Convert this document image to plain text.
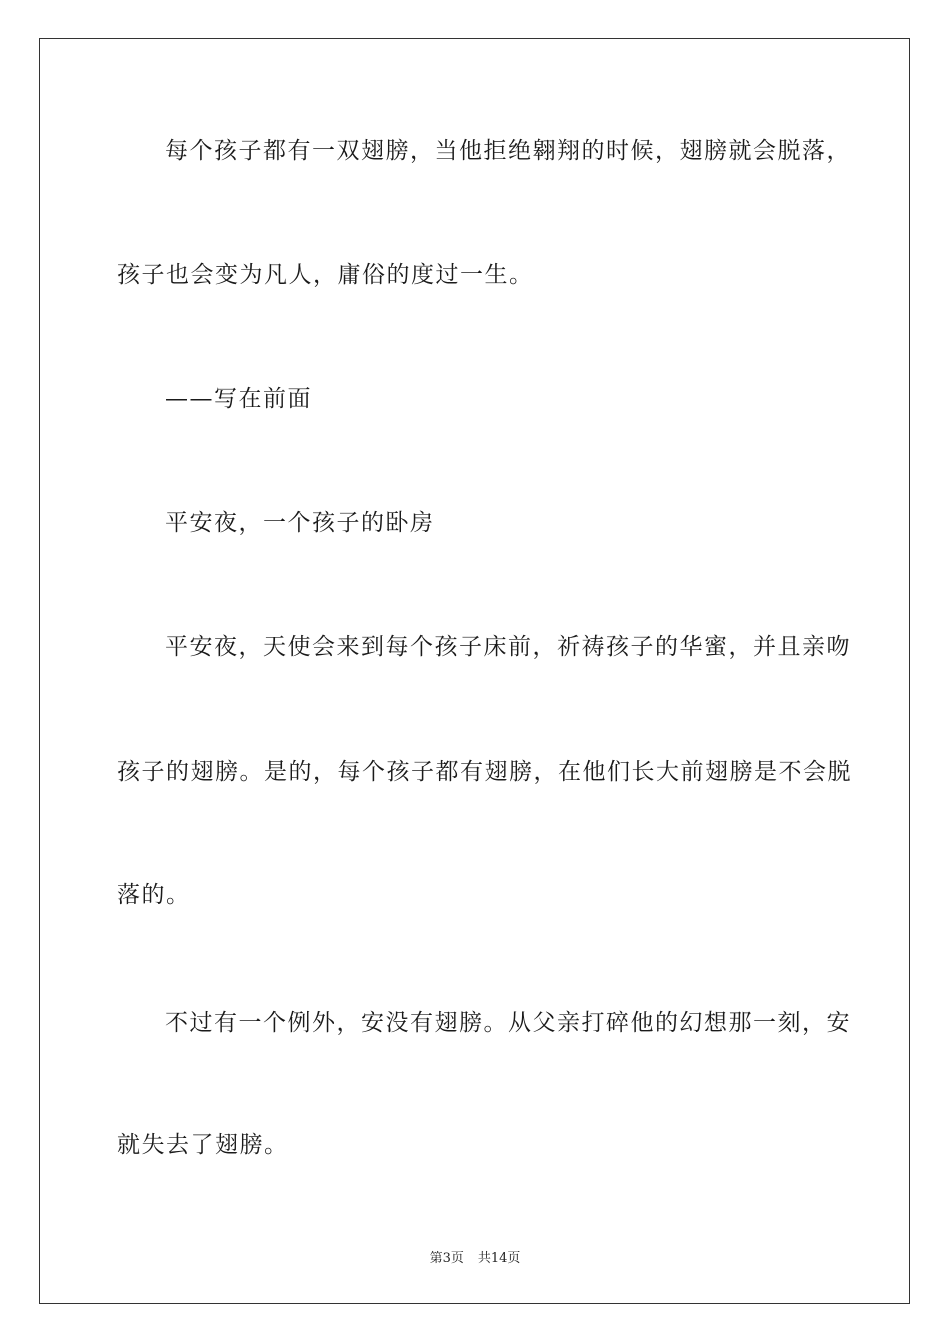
每个孩子都有一双翅膀，当他拒绝翱翔的时候，翅膀就会脱落，
孩子也会变为凡人，庸俗的度过一生。
——写在前面
平安夜，一个孩子的卧房
平安夜，天使会来到每个孩子床前，祈祷孩子的华蜜，并且亲吻
孩子的翅膀。是的，每个孩子都有翅膀，在他们长大前翅膀是不会脱
落的。
不过有一个例外，安没有翅膀。从父亲打碎他的幻想那一刻，安
就失去了翅膀。
第3页 共14页
